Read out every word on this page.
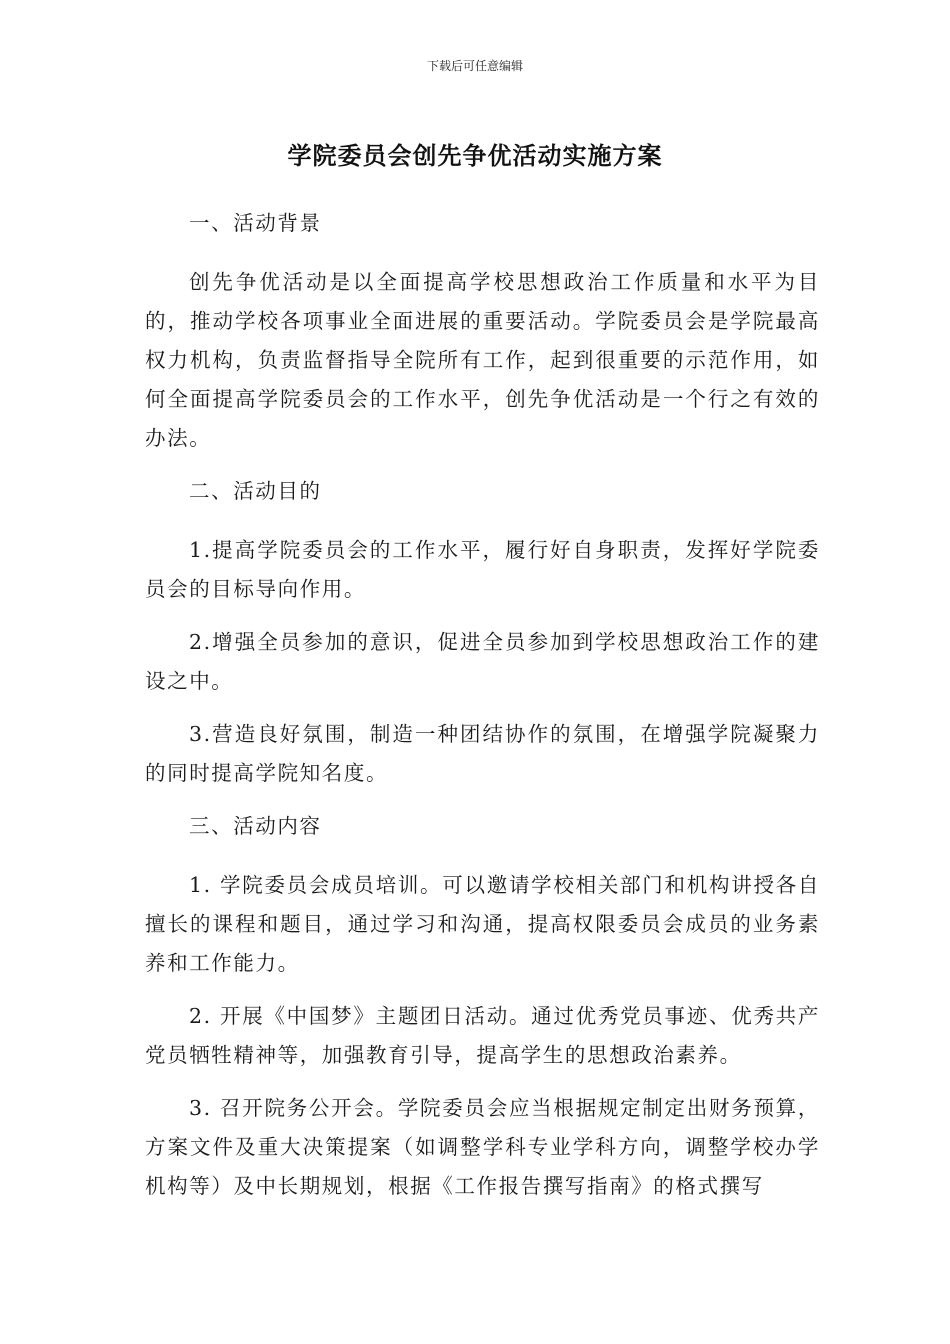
下载后可任意编辑
学院委员会创先争优活动实施方案
一、活动背景

创先争优活动是以全面提高学校思想政治工作质量和水平为目的，推动学校各项事业全面进展的重要活动。学院委员会是学院最高权力机构，负责监督指导全院所有工作，起到很重要的示范作用，如何全面提高学院委员会的工作水平，创先争优活动是一个行之有效的办法。

二、活动目的

1.提高学院委员会的工作水平，履行好自身职责，发挥好学院委员会的目标导向作用。

2.增强全员参加的意识，促进全员参加到学校思想政治工作的建设之中。

3.营造良好氛围，制造一种团结协作的氛围，在增强学院凝聚力的同时提高学院知名度。

三、活动内容

1. 学院委员会成员培训。可以邀请学校相关部门和机构讲授各自擅长的课程和题目，通过学习和沟通，提高权限委员会成员的业务素养和工作能力。

2. 开展《中国梦》主题团日活动。通过优秀党员事迹、优秀共产党员牺牲精神等，加强教育引导，提高学生的思想政治素养。

3. 召开院务公开会。学院委员会应当根据规定制定出财务预算，方案文件及重大决策提案（如调整学科专业学科方向，调整学校办学机构等）及中长期规划，根据《工作报告撰写指南》的格式撰写
